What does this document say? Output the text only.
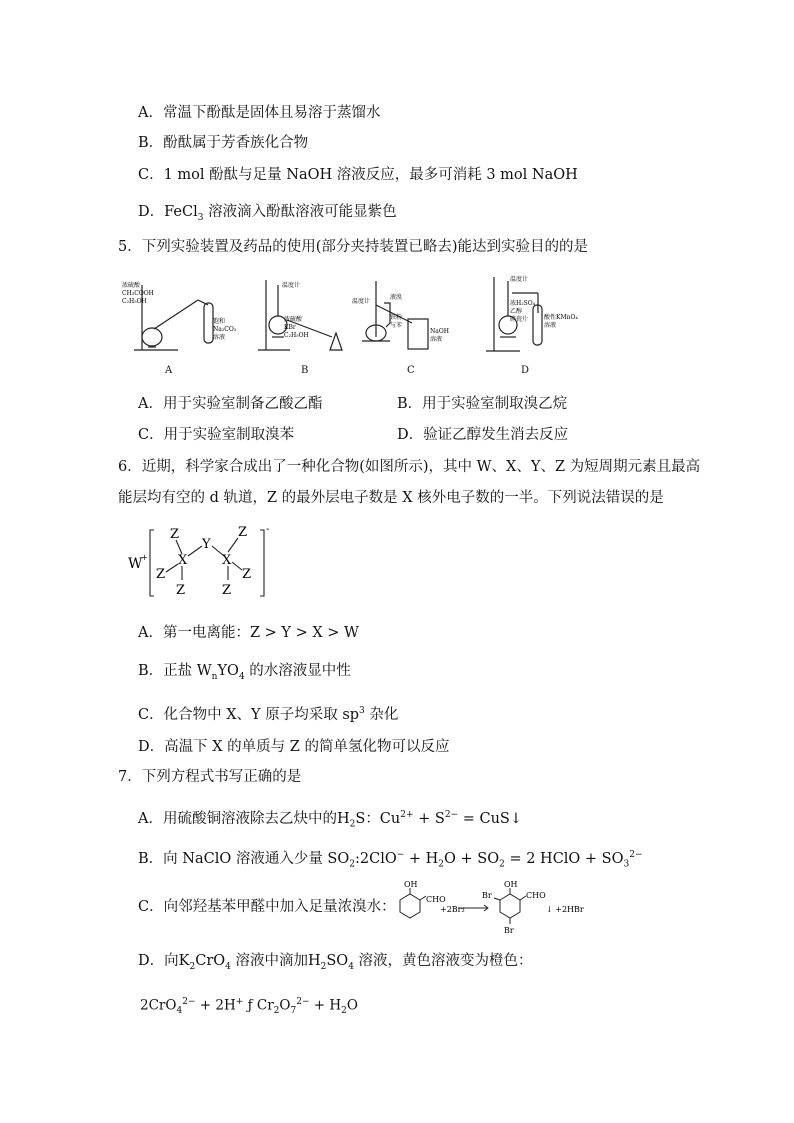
A．常温下酚酞是固体且易溶于蒸馏水
B．酚酞属于芳香族化合物
C．1 mol 酚酞与足量 NaOH 溶液反应，最多可消耗 3 mol NaOH
D．FeCl$_3$ 溶液滴入酚酞溶液可能显紫色
5．下列实验装置及药品的使用(部分夹持装置已略去)能达到实验目的的是
浓硫酸
CH₃COOH
C₂H₅OH
饱和
Na₂CO₃
溶液
A
温度计
浓硫酸
KBr
C₂H₅OH
B
温度计
液溴
铁粉
与苯
NaOH
溶液
C
温度计
浓H₂SO₄
乙醇
碎瓷片	酸性KMnO₄
溶液
D
A．用于实验室制备乙酸乙酯	B．用于实验室制取溴乙烷
C．用于实验室制取溴苯	D．验证乙醇发生消去反应
6．近期，科学家合成出了一种化合物(如图所示)，其中 W、X、Y、Z 为短周期元素且最高
能层均有空的 d 轨道，Z 的最外层电子数是 X 核外电子数的一半。下列说法错误的是
W
+
-
Z
X
Z
Z
Y
X
Z
Z
Z
A．第一电离能：Z > Y > X > W
B．正盐 $W_nYO_4$ 的水溶液显中性
C．化合物中 X、Y 原子均采取 $sp^3$ 杂化
D．高温下 X 的单质与 Z 的简单氢化物可以反应
7．下列方程式书写正确的是
A．用硫酸铜溶液除去乙炔中的$H_2S$：$Cu^{2+} + S^{2-}$ = CuS↓
B．向 NaClO 溶液通入少量 $SO_2:2ClO^- + H_2O + SO_2 = 2$ HClO + $SO_3^{2-}$
C．向邻羟基苯甲醛中加入足量浓溴水：
OH
CHO
+2Br₂
OH
CHO
Br
Br
↓ +2HBr
D．向$K_2CrO_4$ 溶液中滴加$H_2SO_4$ 溶液，黄色溶液变为橙色：
2CrO$_4^{2-}$ + 2H+ ƒ $Cr_2O_7^{2-} + H_2O$
